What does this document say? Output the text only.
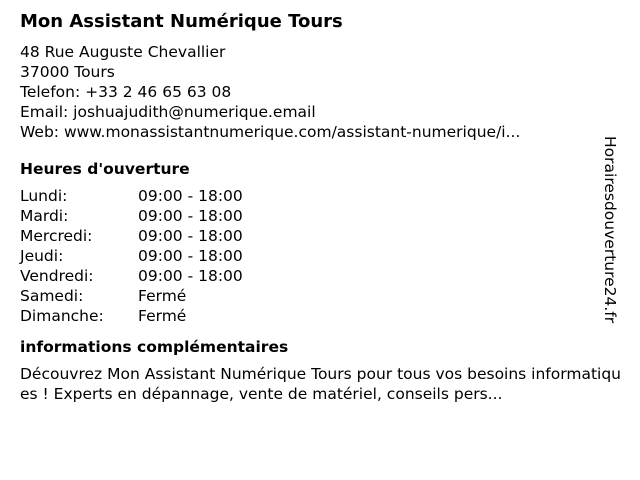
Mon Assistant Numérique Tours
48 Rue Auguste Chevallier
37000 Tours
Telefon: +33 2 46 65 63 08
Email: joshuajudith@numerique.email
Web: www.monassistantnumerique.com/assistant-numerique/i...
Heures d'ouverture
Lundi:	09:00 - 18:00
Mardi:	09:00 - 18:00
Mercredi:	09:00 - 18:00
Jeudi:	09:00 - 18:00
Vendredi:	09:00 - 18:00
Samedi:	Fermé
Dimanche:	Fermé
informations complémentaires
Découvrez Mon Assistant Numérique Tours pour tous vos besoins informatiques ! Experts en dépannage, vente de matériel, conseils pers...
Horairesdouverture24.fr
